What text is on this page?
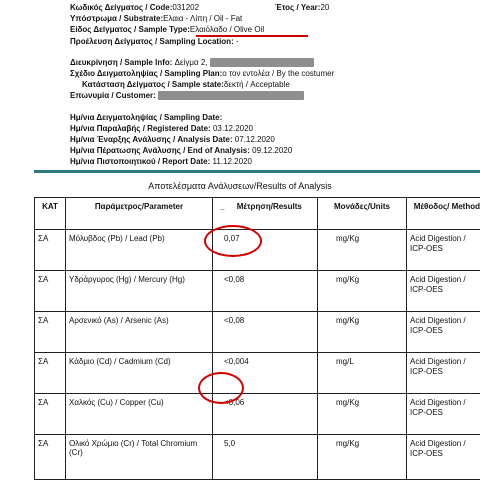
Κωδικός Δείγματος / Code:031202	Έτος / Year:20
Υπόστρωμα / Substrate:Ελαια - Λίπη / Oil - Fat
Είδος Δείγματος / Sample Type:Ελαιόλαδο / Olive Oil
Προέλευση Δείγματος / Sampling Location: -
Διευκρίνηση / Sample Info: Δείγμα 2,
Σχέδιο Δειγματοληψίας / Sampling Plan:ο τον εντολέα / By the costumer
Κατάσταση Δείγματος / Sample state:δεκτή / Acceptable
Επωνυμία / Customer:
Ημ/νια Δειγματοληψίας / Sampling Date:
Ημ/νια Παραλαβής / Registered Date: 03.12.2020
Ημ/νια Έναρξης Ανάλυσης / Analysis Date: 07.12.2020
Ημ/νια Πέρατωσης Ανάλυσης / End of Analysis: 09.12.2020
Ημ/νια Πιστοποιητικού / Report Date: 11.12.2020
Αποτελέσματα Ανάλυσεων/Results of Analysis
ΚΑΤ	Παράμετρος/Parameter	_ Μέτρηση/Results	Μονάδες/Units	Μέθοδος/ Method
ΣΑ	Μόλυβδος (Pb) / Lead (Pb)	0,07	mg/Kg	Acid Digestion / ICP-OES
ΣΑ	Υδράργυρος (Hg) / Mercury (Hg)	<0,08	mg/Kg	Acid Digestion / ICP-OES
ΣΑ	Αρσενικό (As) / Arsenic (As)	<0,08	mg/Kg	Acid Digestion / ICP-OES
ΣΑ	Κάδμιο (Cd) / Cadmium (Cd)	<0,004	mg/L	Acid Digestion / ICP-OES
ΣΑ	Χαλκός (Cu) / Copper (Cu)	<0,06	mg/Kg	Acid Digestion / ICP-OES
ΣΑ	Ολικό Χρώμιο (Cr) / Total Chromium (Cr)	5,0	mg/Kg	Acid Digestion / ICP-OES
